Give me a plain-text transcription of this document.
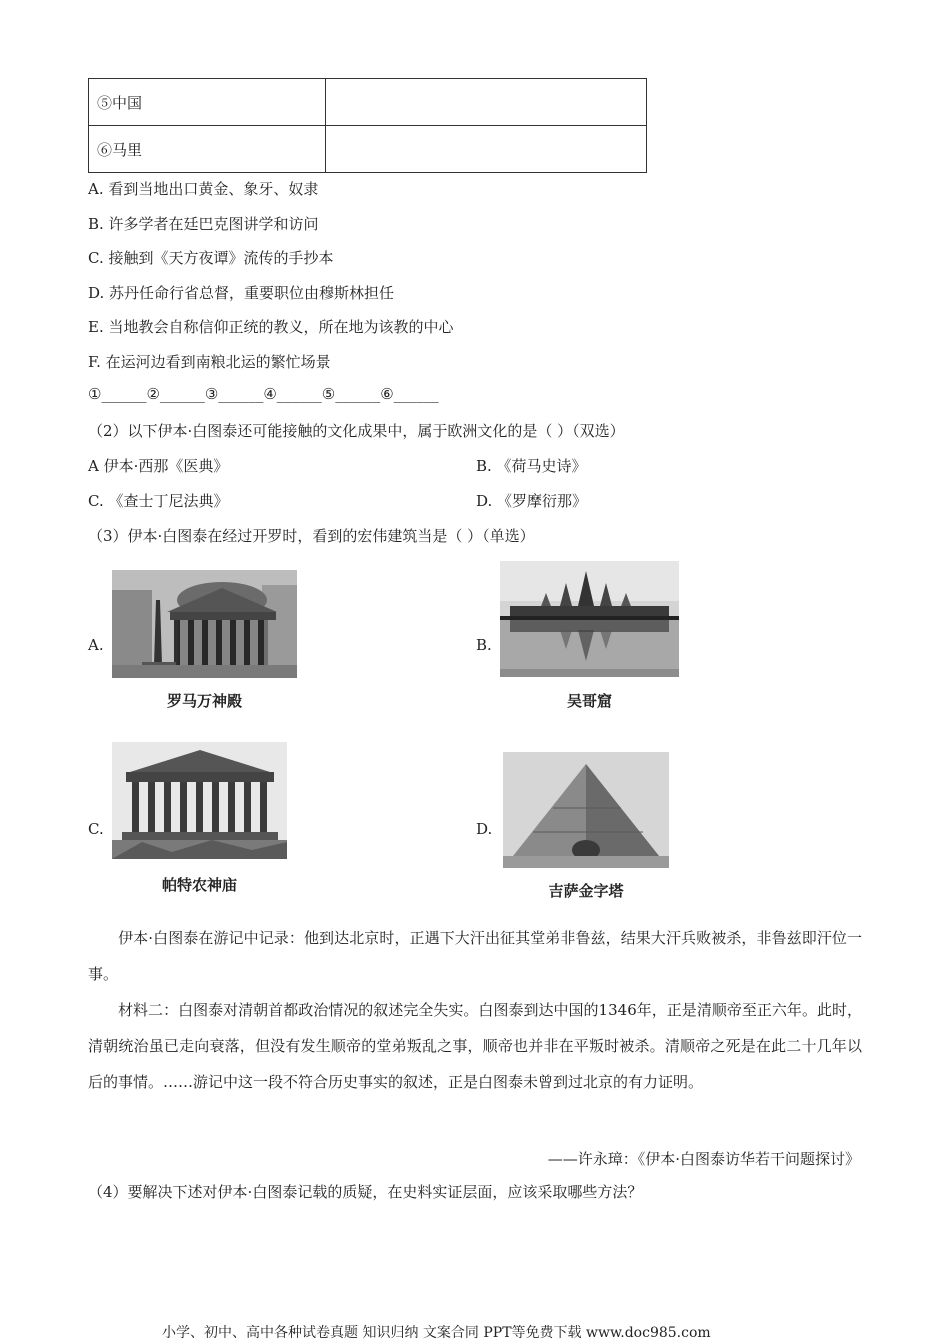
⑤中国	
⑥马里	
A. 看到当地出口黄金、象牙、奴隶
B. 许多学者在廷巴克图讲学和访问
C. 接触到《天方夜谭》流传的手抄本
D. 苏丹任命行省总督，重要职位由穆斯林担任
E. 当地教会自称信仰正统的教义，所在地为该教的中心
F. 在运河边看到南粮北运的繁忙场景
①______②______③______④______⑤______⑥______
（2）以下伊本·白图泰还可能接触的文化成果中，属于欧洲文化的是（ ）（双选）
A 伊本·西那《医典》	B. 《荷马史诗》
C. 《查士丁尼法典》	D. 《罗摩衍那》
（3）伊本·白图泰在经过开罗时，看到的宏伟建筑当是（ ）（单选）
A.
罗马万神殿
B.
吴哥窟
C.
帕特农神庙
D.
吉萨金字塔
伊本·白图泰在游记中记录：他到达北京时，正遇下大汗出征其堂弟非鲁兹，结果大汗兵败被杀，非鲁兹即汗位一事。
材料二：白图泰对清朝首都政治情况的叙述完全失实。白图泰到达中国的1346年，正是清顺帝至正六年。此时，清朝统治虽已走向衰落，但没有发生顺帝的堂弟叛乱之事，顺帝也并非在平叛时被杀。清顺帝之死是在此二十几年以后的事情。……游记中这一段不符合历史事实的叙述，正是白图泰未曾到过北京的有力证明。
——许永璋：《伊本·白图泰访华若干问题探讨》
（4）要解决下述对伊本·白图泰记载的质疑，在史料实证层面，应该采取哪些方法？
小学、初中、高中各种试卷真题 知识归纳 文案合同 PPT等免费下载 www.doc985.com
